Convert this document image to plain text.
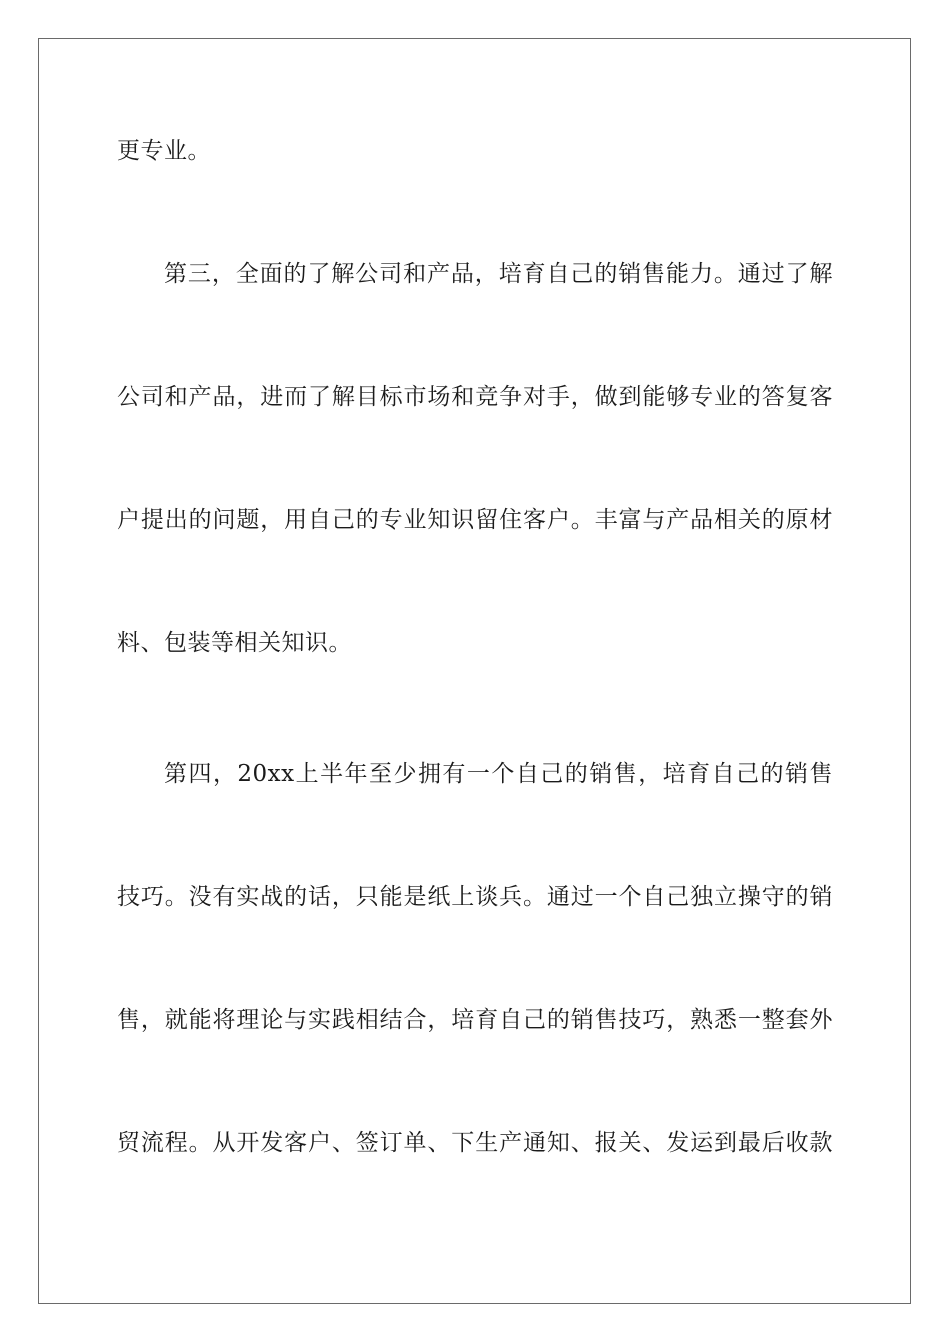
更专业。
第三，全面的了解公司和产品，培育自己的销售能力。通过了解
公司和产品，进而了解目标市场和竞争对手，做到能够专业的答复客
户提出的问题，用自己的专业知识留住客户。丰富与产品相关的原材
料、包装等相关知识。
第四，20xx上半年至少拥有一个自己的销售，培育自己的销售
技巧。没有实战的话，只能是纸上谈兵。通过一个自己独立操守的销
售，就能将理论与实践相结合，培育自己的销售技巧，熟悉一整套外
贸流程。从开发客户、签订单、下生产通知、报关、发运到最后收款
